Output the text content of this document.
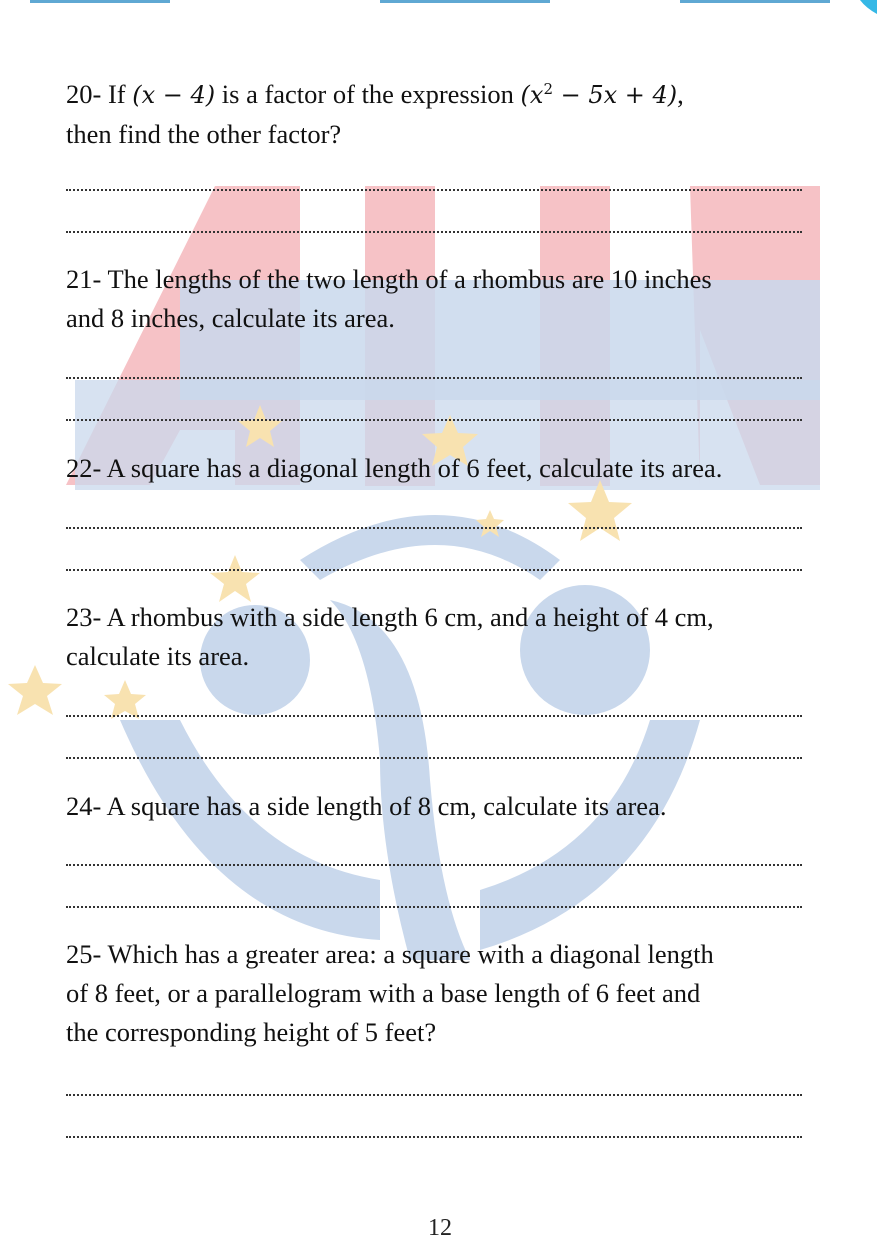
20- If (x − 4) is a factor of the expression $(x^2 - 5x + 4)$,
then find the other factor?
21- The lengths of the two length of a rhombus are 10 inches
and 8 inches, calculate its area.
22- A square has a diagonal length of 6 feet, calculate its area.
23- A rhombus with a side length 6 cm, and a height of 4 cm,
calculate its area.
24- A square has a side length of 8 cm, calculate its area.
25- Which has a greater area: a square with a diagonal length
of 8 feet, or a parallelogram with a base length of 6 feet and
the corresponding height of 5 feet?
12
